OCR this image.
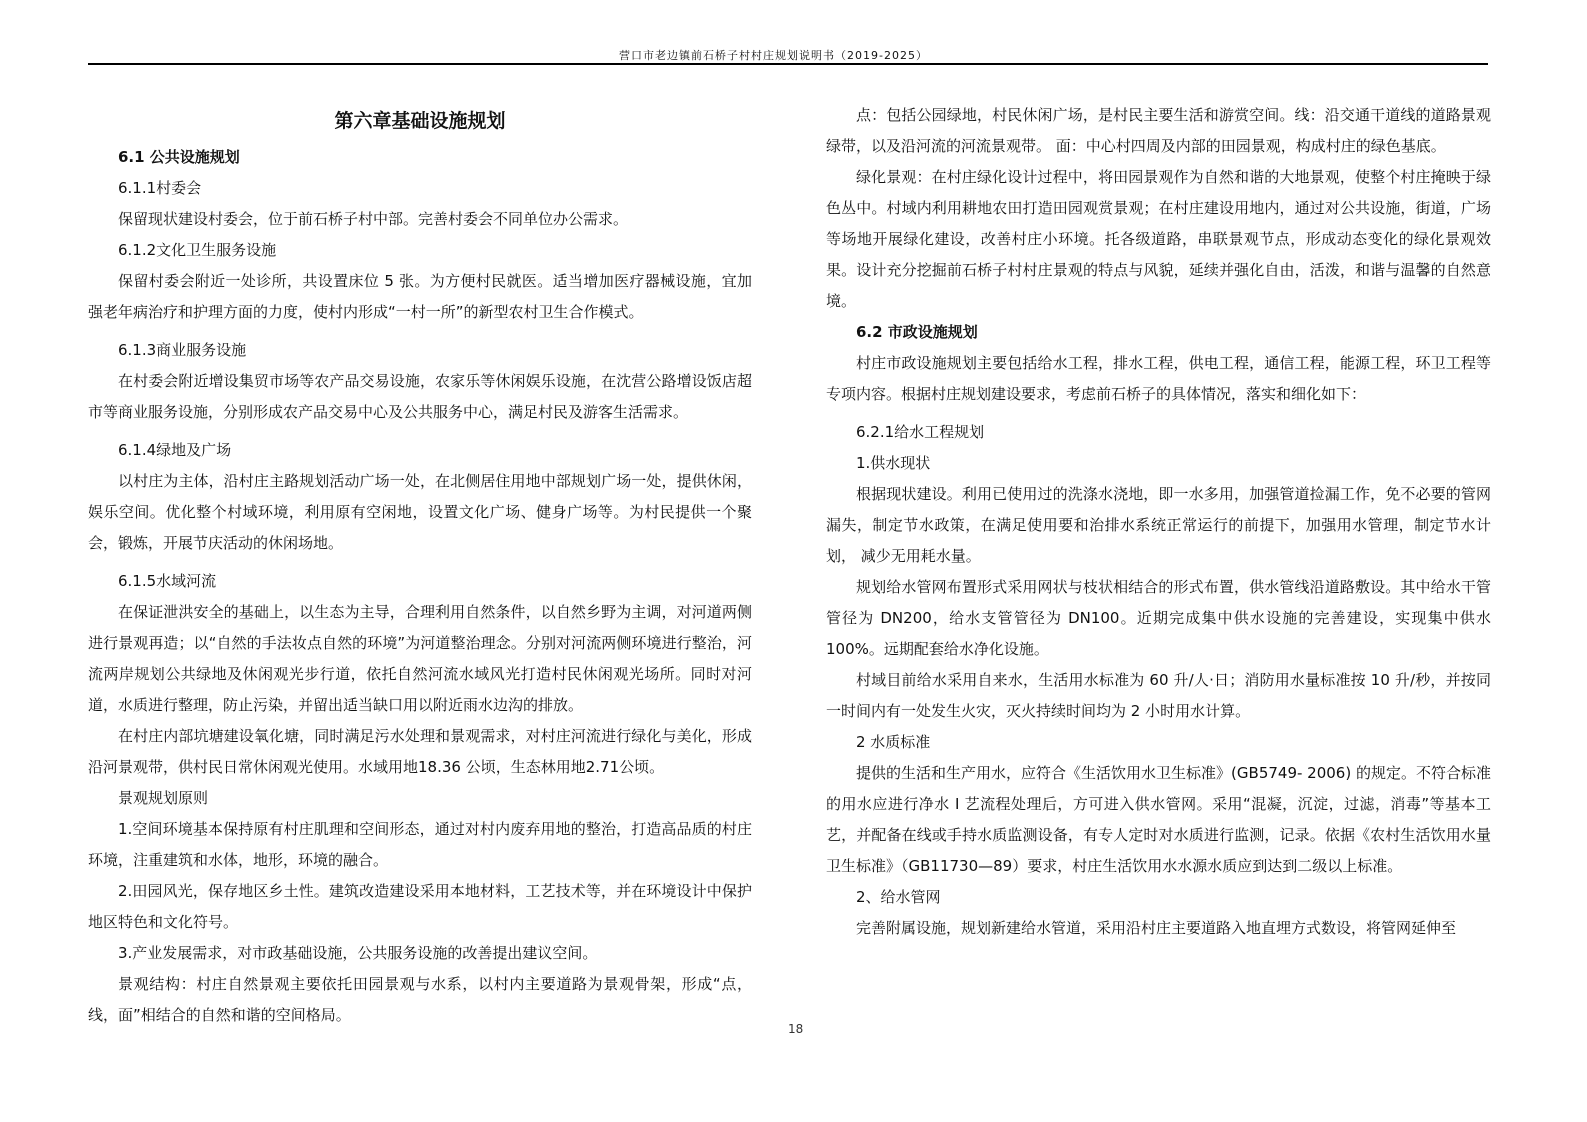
营口市老边镇前石桥子村村庄规划说明书（2019-2025）

第六章基础设施规划

6.1 公共设施规划

6.1.1村委会

保留现状建设村委会，位于前石桥子村中部。完善村委会不同单位办公需求。

6.1.2文化卫生服务设施

保留村委会附近一处诊所，共设置床位 5 张。为方便村民就医。适当增加医疗器械设施，宜加强老年病治疗和护理方面的力度，使村内形成“一村一所”的新型农村卫生合作模式。

6.1.3商业服务设施

在村委会附近增设集贸市场等农产品交易设施，农家乐等休闲娱乐设施，在沈营公路增设饭店超市等商业服务设施，分别形成农产品交易中心及公共服务中心，满足村民及游客生活需求。

6.1.4绿地及广场

以村庄为主体，沿村庄主路规划活动广场一处，在北侧居住用地中部规划广场一处，提供休闲， 娱乐空间。优化整个村域环境，利用原有空闲地，设置文化广场、健身广场等。为村民提供一个聚会，锻炼，开展节庆活动的休闲场地。

6.1.5水域河流

在保证泄洪安全的基础上，以生态为主导，合理利用自然条件，以自然乡野为主调，对河道两侧进行景观再造；以“自然的手法妆点自然的环境”为河道整治理念。分别对河流两侧环境进行整治，河流两岸规划公共绿地及休闲观光步行道，依托自然河流水域风光打造村民休闲观光场所。同时对河道，水质进行整理，防止污染，并留出适当缺口用以附近雨水边沟的排放。

在村庄内部坑塘建设氧化塘，同时满足污水处理和景观需求，对村庄河流进行绿化与美化，形成沿河景观带，供村民日常休闲观光使用。水域用地18.36 公顷，生态林用地2.71公顷。

景观规划原则

1.空间环境基本保持原有村庄肌理和空间形态，通过对村内废弃用地的整治，打造高品质的村庄环境，注重建筑和水体，地形，环境的融合。

2.田园风光，保存地区乡土性。建筑改造建设采用本地材料，工艺技术等，并在环境设计中保护地区特色和文化符号。

3.产业发展需求，对市政基础设施，公共服务设施的改善提出建议空间。

景观结构：村庄自然景观主要依托田园景观与水系，以村内主要道路为景观骨架，形成“点，线，面”相结合的自然和谐的空间格局。

点：包括公园绿地，村民休闲广场，是村民主要生活和游赏空间。线：沿交通干道线的道路景观绿带，以及沿河流的河流景观带。 面：中心村四周及内部的田园景观，构成村庄的绿色基底。

绿化景观：在村庄绿化设计过程中，将田园景观作为自然和谐的大地景观，使整个村庄掩映于绿色丛中。村域内利用耕地农田打造田园观赏景观；在村庄建设用地内，通过对公共设施，街道，广场等场地开展绿化建设，改善村庄小环境。托各级道路，串联景观节点，形成动态变化的绿化景观效果。设计充分挖掘前石桥子村村庄景观的特点与风貌，延续并强化自由，活泼，和谐与温馨的自然意境。

6.2 市政设施规划

村庄市政设施规划主要包括给水工程，排水工程，供电工程，通信工程，能源工程，环卫工程等专项内容。根据村庄规划建设要求，考虑前石桥子的具体情况，落实和细化如下：

6.2.1给水工程规划

1.供水现状

根据现状建设。利用已使用过的洗涤水浇地，即一水多用，加强管道捡漏工作，免不必要的管网漏失，制定节水政策，在满足使用要和治排水系统正常运行的前提下，加强用水管理，制定节水计划， 减少无用耗水量。

规划给水管网布置形式采用网状与枝状相结合的形式布置，供水管线沿道路敷设。其中给水干管管径为 DN200，给水支管管径为 DN100。近期完成集中供水设施的完善建设，实现集中供水100%。远期配套给水净化设施。

村域目前给水采用自来水，生活用水标准为 60 升/人·日；消防用水量标准按 10 升/秒，并按同一时间内有一处发生火灾，灭火持续时间均为 2 小时用水计算。

2 水质标准

提供的生活和生产用水，应符合《生活饮用水卫生标准》(GB5749- 2006) 的规定。不符合标准的用水应进行净水 I 艺流程处理后，方可进入供水管网。采用“混凝，沉淀，过滤，消毒”等基本工艺，并配备在线或手持水质监测设备，有专人定时对水质进行监测，记录。依据《农村生活饮用水量卫生标准》（GB11730—89）要求，村庄生活饮用水水源水质应到达到二级以上标准。

2、给水管网

完善附属设施，规划新建给水管道，采用沿村庄主要道路入地直埋方式数设，将管网延伸至

18
